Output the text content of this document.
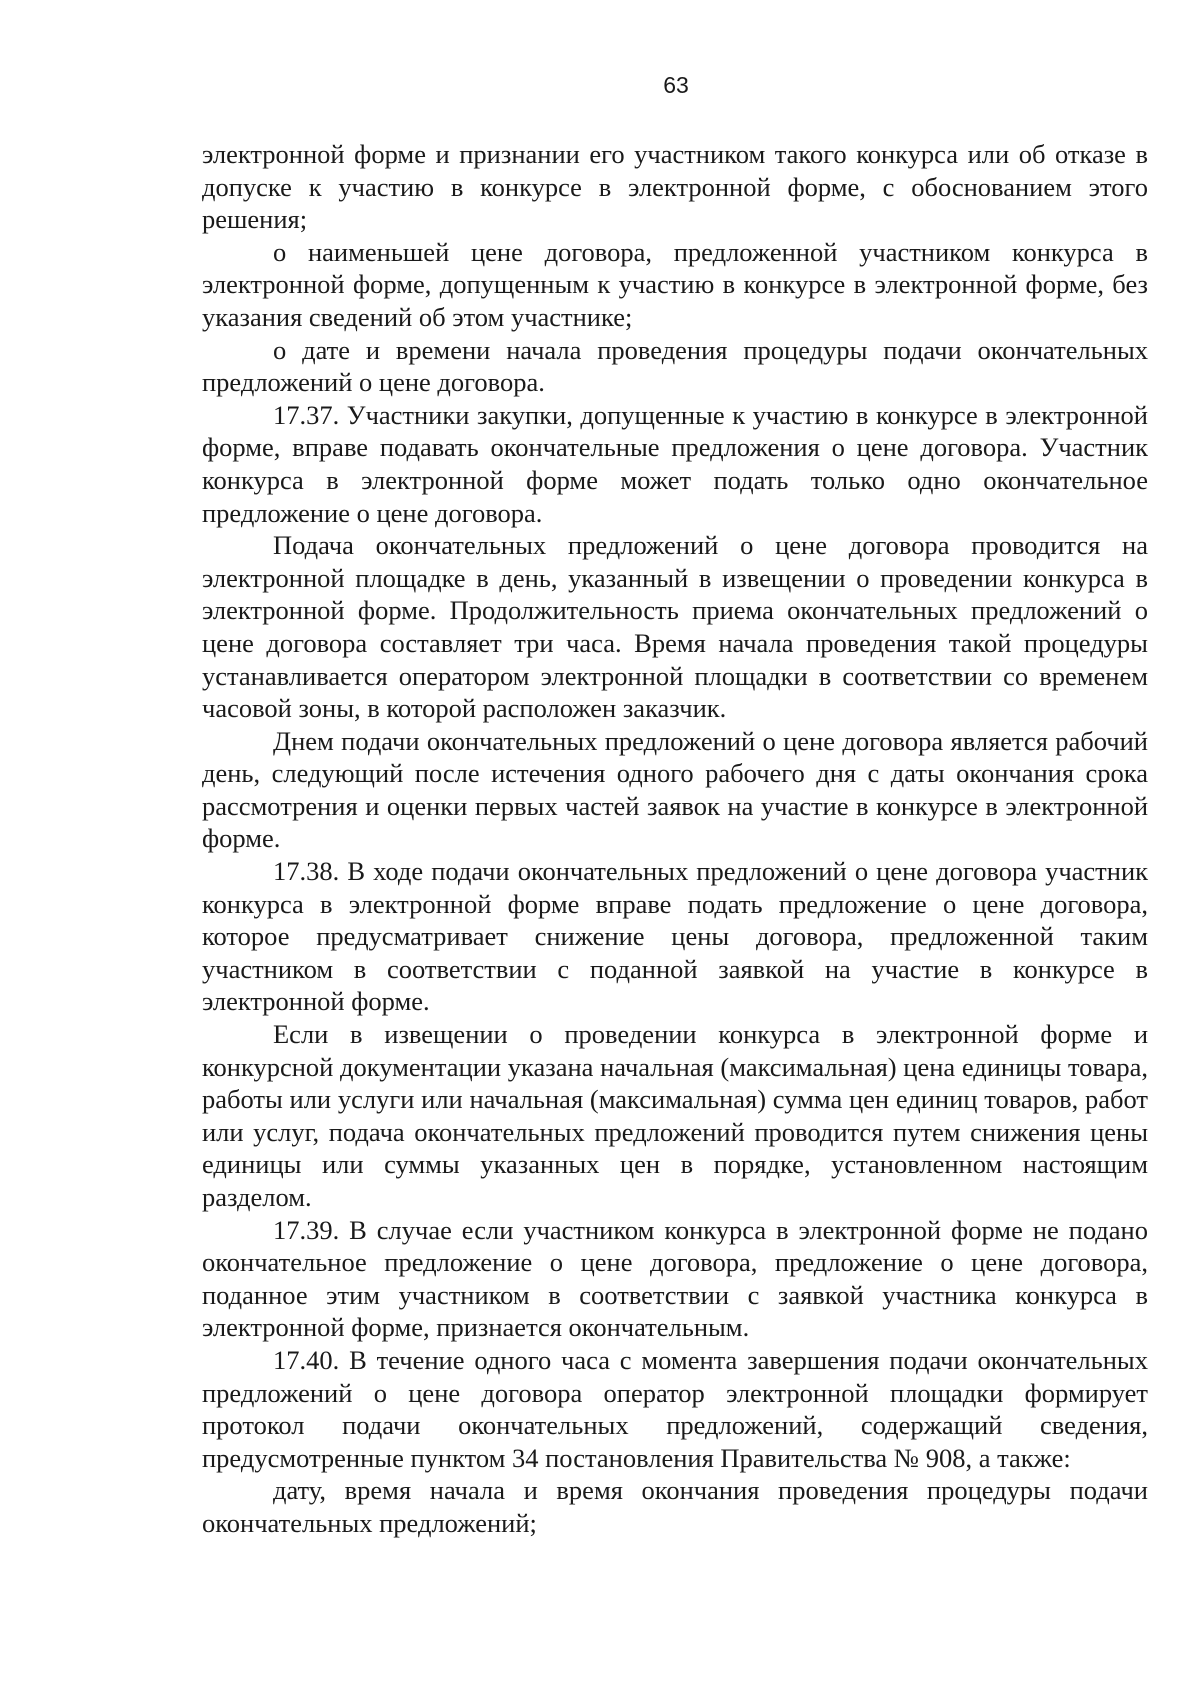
63

электронной форме и признании его участником такого конкурса или об отказе в допуске к участию в конкурсе в электронной форме, с обоснованием этого решения;

о наименьшей цене договора, предложенной участником конкурса в электронной форме, допущенным к участию в конкурсе в электронной форме, без указания сведений об этом участнике;

о дате и времени начала проведения процедуры подачи окончательных предложений о цене договора.

17.37. Участники закупки, допущенные к участию в конкурсе в электронной форме, вправе подавать окончательные предложения о цене договора. Участник конкурса в электронной форме может подать только одно окончательное предложение о цене договора.

Подача окончательных предложений о цене договора проводится на электронной площадке в день, указанный в извещении о проведении конкурса в электронной форме. Продолжительность приема окончательных предложений о цене договора составляет три часа. Время начала проведения такой процедуры устанавливается оператором электронной площадки в соответствии со временем часовой зоны, в которой расположен заказчик.

Днем подачи окончательных предложений о цене договора является рабочий день, следующий после истечения одного рабочего дня с даты окончания срока рассмотрения и оценки первых частей заявок на участие в конкурсе в электронной форме.

17.38. В ходе подачи окончательных предложений о цене договора участник конкурса в электронной форме вправе подать предложение о цене договора, которое предусматривает снижение цены договора, предложенной таким участником в соответствии с поданной заявкой на участие в конкурсе в электронной форме.

Если в извещении о проведении конкурса в электронной форме и конкурсной документации указана начальная (максимальная) цена единицы товара, работы или услуги или начальная (максимальная) сумма цен единиц товаров, работ или услуг, подача окончательных предложений проводится путем снижения цены единицы или суммы указанных цен в порядке, установленном настоящим разделом.

17.39. В случае если участником конкурса в электронной форме не подано окончательное предложение о цене договора, предложение о цене договора, поданное этим участником в соответствии с заявкой участника конкурса в электронной форме, признается окончательным.

17.40. В течение одного часа с момента завершения подачи окончательных предложений о цене договора оператор электронной площадки формирует протокол подачи окончательных предложений, содержащий сведения, предусмотренные пунктом 34 постановления Правительства № 908, а также:

дату, время начала и время окончания проведения процедуры подачи окончательных предложений;
